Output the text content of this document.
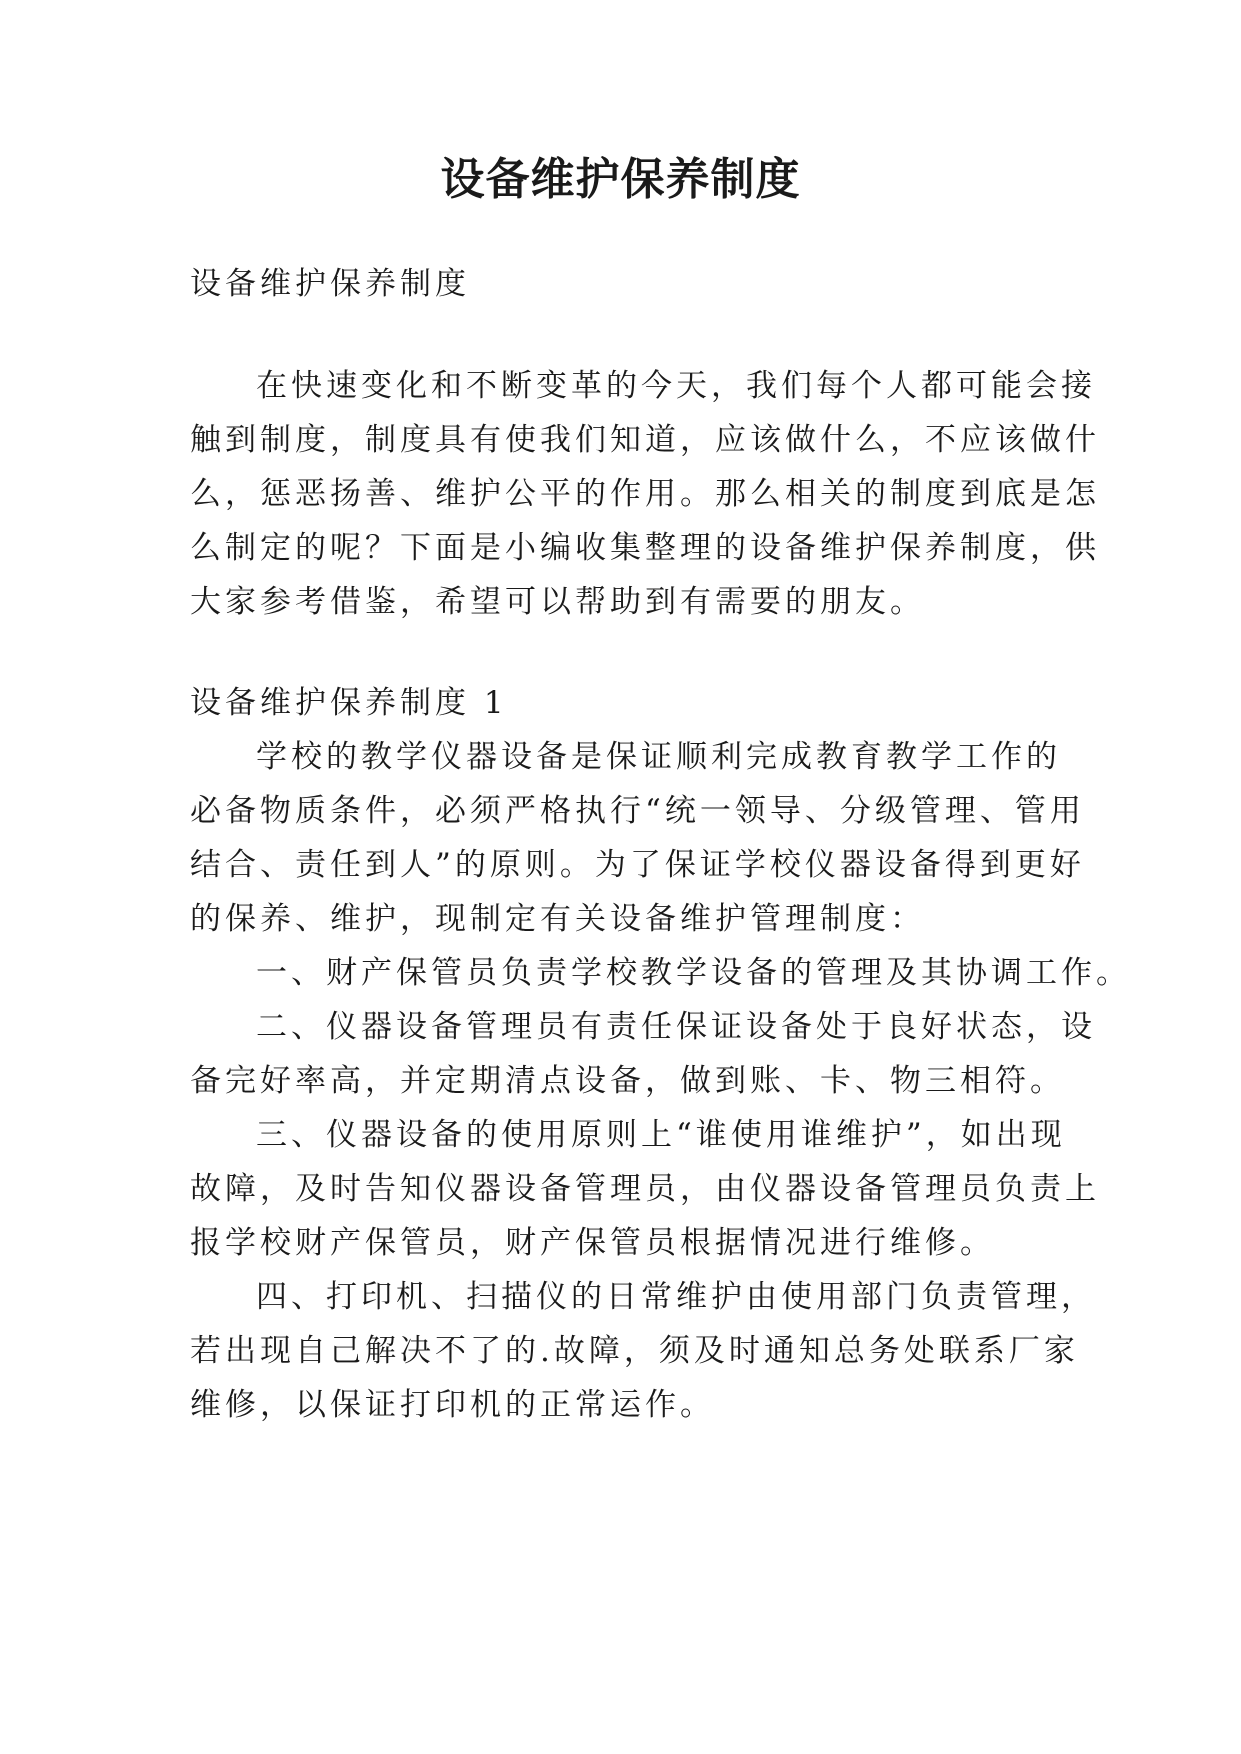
设备维护保养制度

设备维护保养制度

在快速变化和不断变革的今天，我们每个人都可能会接

触到制度，制度具有使我们知道，应该做什么，不应该做什

么，惩恶扬善、维护公平的作用。那么相关的制度到底是怎

么制定的呢？下面是小编收集整理的设备维护保养制度，供

大家参考借鉴，希望可以帮助到有需要的朋友。

设备维护保养制度 1

学校的教学仪器设备是保证顺利完成教育教学工作的

必备物质条件，必须严格执行“统一领导、分级管理、管用

结合、责任到人”的原则。为了保证学校仪器设备得到更好

的保养、维护，现制定有关设备维护管理制度：

一、财产保管员负责学校教学设备的管理及其协调工作。

二、仪器设备管理员有责任保证设备处于良好状态，设

备完好率高，并定期清点设备，做到账、卡、物三相符。

三、仪器设备的使用原则上“谁使用谁维护”，如出现

故障，及时告知仪器设备管理员，由仪器设备管理员负责上

报学校财产保管员，财产保管员根据情况进行维修。

四、打印机、扫描仪的日常维护由使用部门负责管理，

若出现自己解决不了的.故障，须及时通知总务处联系厂家

维修，以保证打印机的正常运作。
